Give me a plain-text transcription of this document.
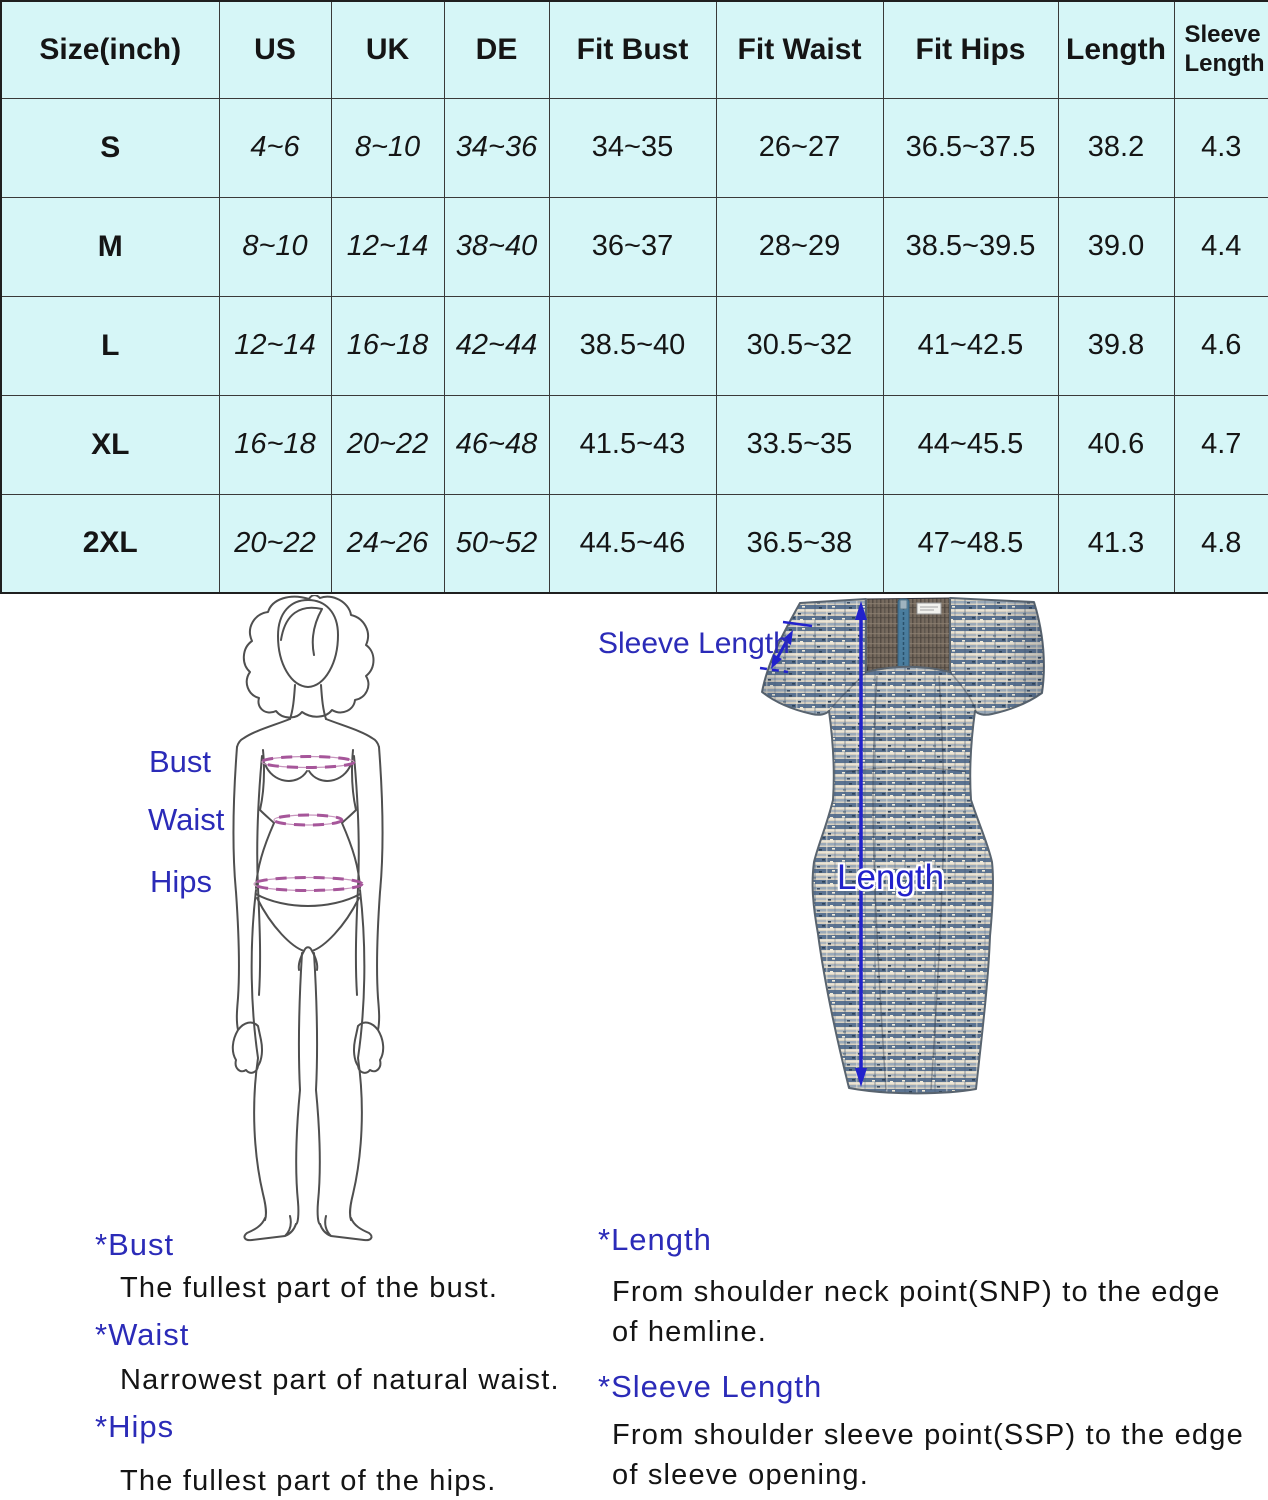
Size(inch)	US	UK	DE	Fit Bust	Fit Waist	Fit Hips	Length	Sleeve Length
S	4~6	8~10	34~36	34~35	26~27	36.5~37.5	38.2	4.3
M	8~10	12~14	38~40	36~37	28~29	38.5~39.5	39.0	4.4
L	12~14	16~18	42~44	38.5~40	30.5~32	41~42.5	39.8	4.6
XL	16~18	20~22	46~48	41.5~43	33.5~35	44~45.5	40.6	4.7
2XL	20~22	24~26	50~52	44.5~46	36.5~38	47~48.5	41.3	4.8
Bust
Waist
Hips
Sleeve Length
Length
*Bust
The fullest part of the bust.
*Waist
Narrowest part of natural waist.
*Hips
The fullest part of the hips.
*Length
From shoulder neck point(SNP) to the edge of hemline.
*Sleeve Length
From shoulder sleeve point(SSP) to the edge of sleeve opening.
